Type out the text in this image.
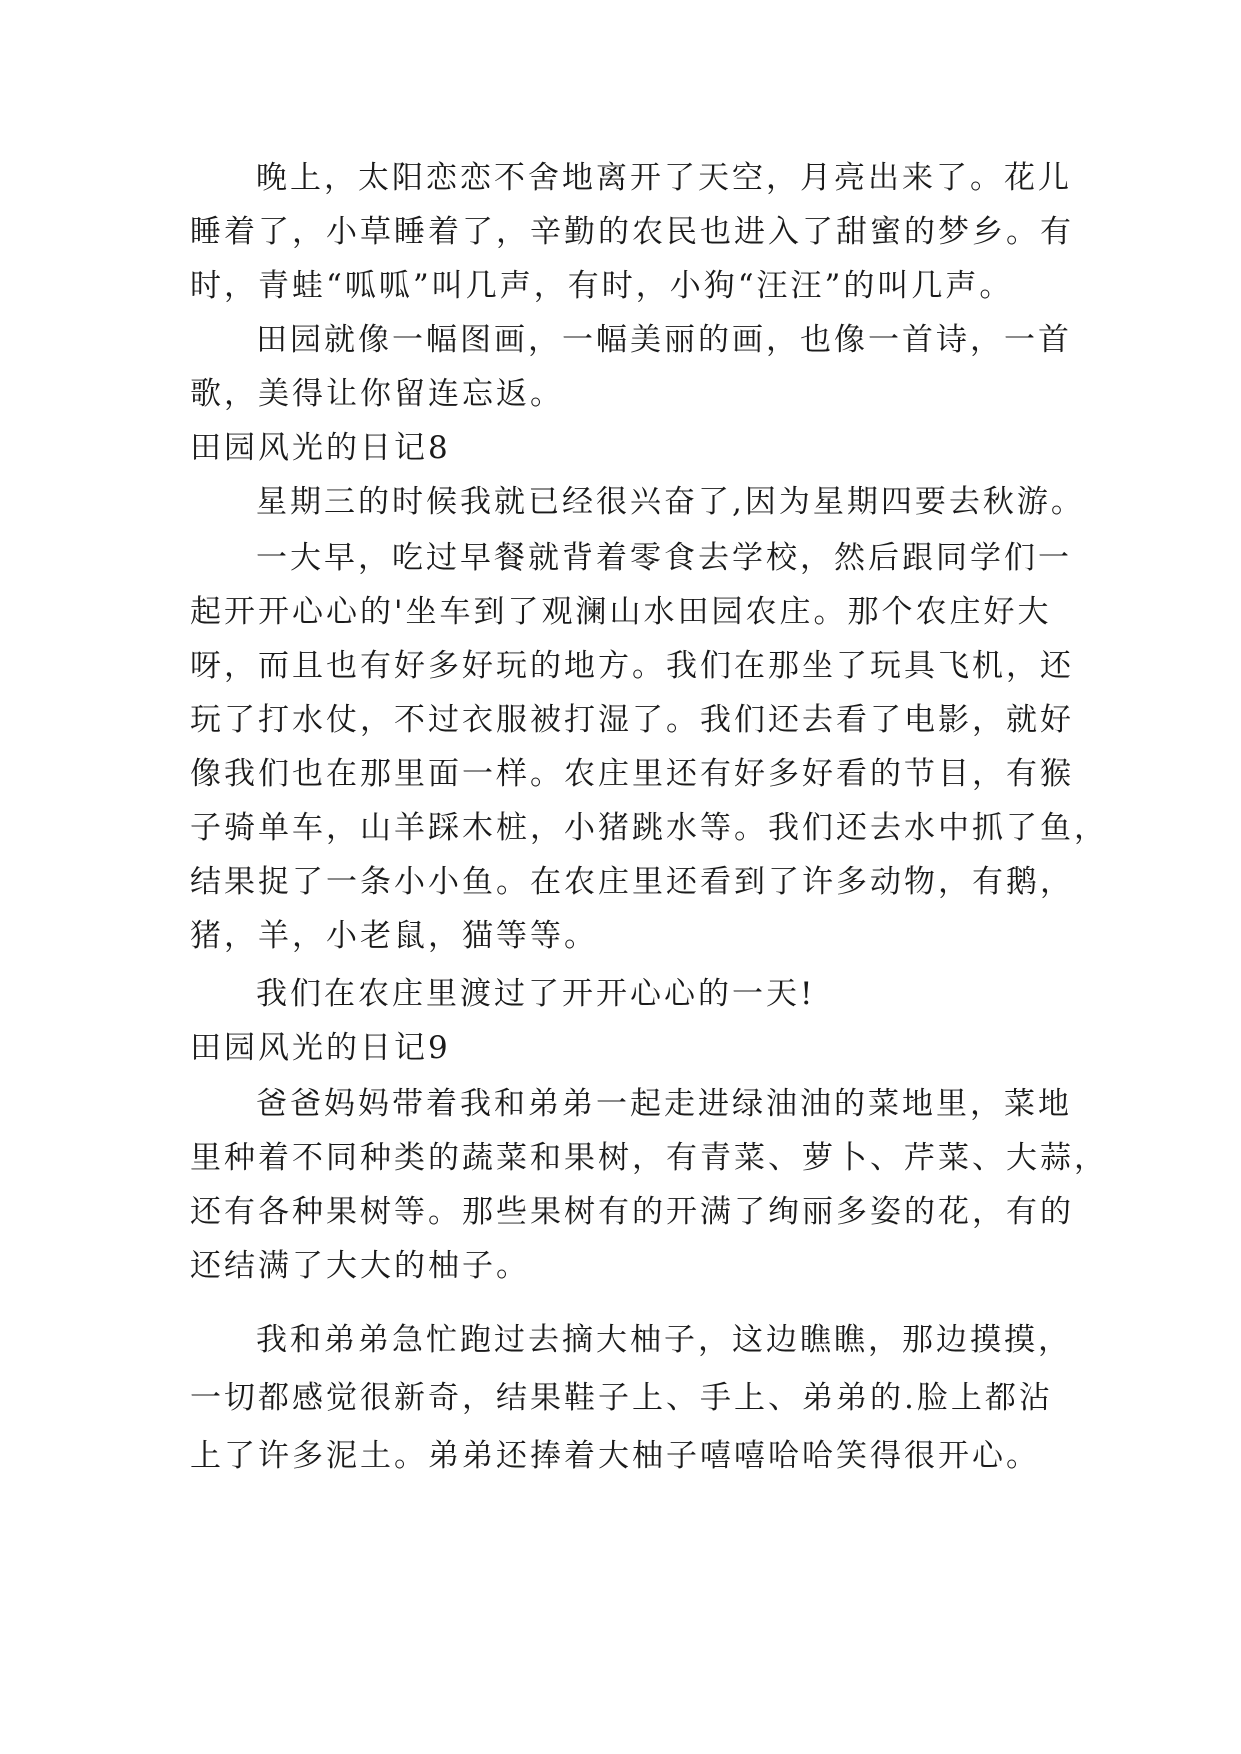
晚上，太阳恋恋不舍地离开了天空，月亮出来了。花儿
睡着了，小草睡着了，辛勤的农民也进入了甜蜜的梦乡。有
时，青蛙“呱呱”叫几声，有时，小狗“汪汪”的叫几声。
田园就像一幅图画，一幅美丽的画，也像一首诗，一首
歌，美得让你留连忘返。
田园风光的日记8
星期三的时候我就已经很兴奋了,因为星期四要去秋游。
一大早，吃过早餐就背着零食去学校，然后跟同学们一
起开开心心的'坐车到了观澜山水田园农庄。那个农庄好大
呀，而且也有好多好玩的地方。我们在那坐了玩具飞机，还
玩了打水仗，不过衣服被打湿了。我们还去看了电影，就好
像我们也在那里面一样。农庄里还有好多好看的节目，有猴
子骑单车，山羊踩木桩，小猪跳水等。我们还去水中抓了鱼，
结果捉了一条小小鱼。在农庄里还看到了许多动物，有鹅，
猪，羊，小老鼠，猫等等。
我们在农庄里渡过了开开心心的一天!
田园风光的日记9
爸爸妈妈带着我和弟弟一起走进绿油油的菜地里，菜地
里种着不同种类的蔬菜和果树，有青菜、萝卜、芹菜、大蒜，
还有各种果树等。那些果树有的开满了绚丽多姿的花，有的
还结满了大大的柚子。
我和弟弟急忙跑过去摘大柚子，这边瞧瞧，那边摸摸，
一切都感觉很新奇，结果鞋子上、手上、弟弟的.脸上都沾
上了许多泥土。弟弟还捧着大柚子嘻嘻哈哈笑得很开心。
